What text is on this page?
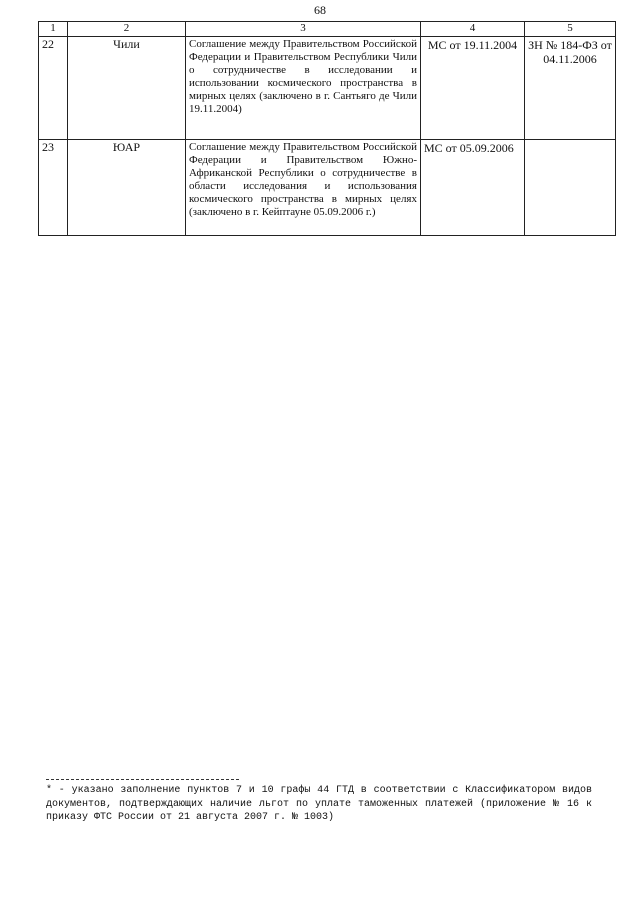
68
1	2	3	4	5
22	Чили	Соглашение между Правительством Российской Федерации и Правительством Республики Чили о сотрудничестве в исследовании и использовании космического пространства в мирных целях (заключено в г. Сантьяго де Чили 19.11.2004)	МС от 19.11.2004	ЗН № 184-ФЗ от 04.11.2006
23	ЮАР	Соглашение между Правительством Российской Федерации и Правительством Южно-Африканской Республики о сотрудничестве в области исследования и использования космического пространства в мирных целях (заключено в г. Кейптауне 05.09.2006 г.)	МС от 05.09.2006	
* - указано заполнение пунктов 7 и 10 графы 44 ГТД в соответствии с Классификатором видов документов, подтверждающих наличие льгот по уплате таможенных платежей (приложение № 16 к приказу ФТС России от 21 августа 2007 г. № 1003)
